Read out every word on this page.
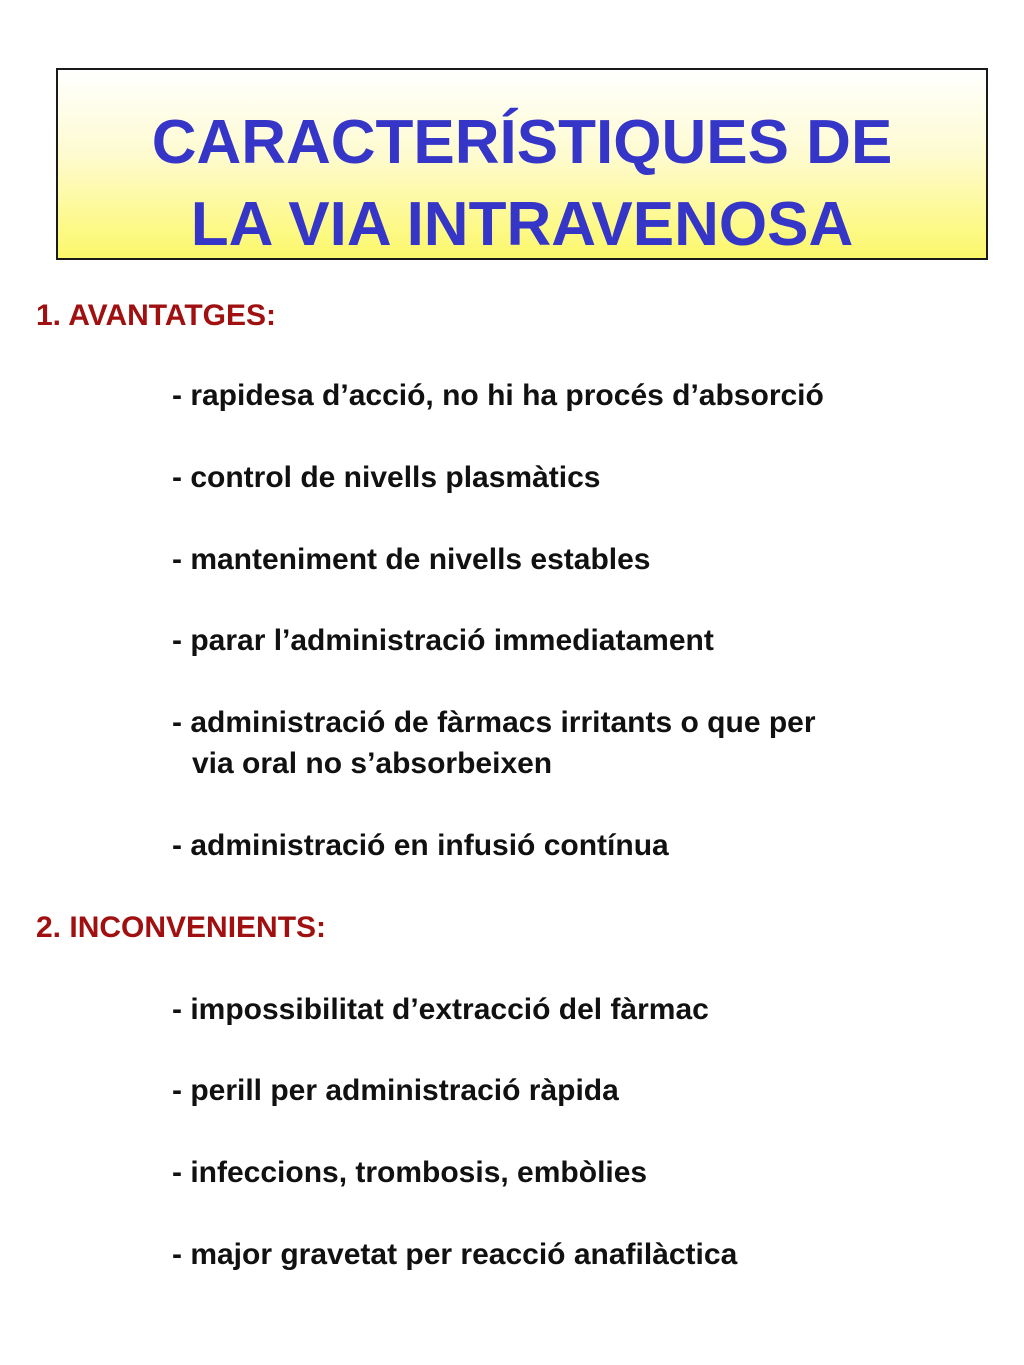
CARACTERÍSTIQUES DE
LA VIA INTRAVENOSA
1. AVANTATGES:
- rapidesa d’acció, no hi ha procés d’absorció
- control de nivells plasmàtics
- manteniment de nivells estables
- parar l’administració immediatament
- administració de fàrmacs irritants o que per
via oral no s’absorbeixen
- administració en infusió contínua
2. INCONVENIENTS:
- impossibilitat d’extracció del fàrmac
- perill per administració ràpida
- infeccions, trombosis, embòlies
- major gravetat per reacció anafilàctica
